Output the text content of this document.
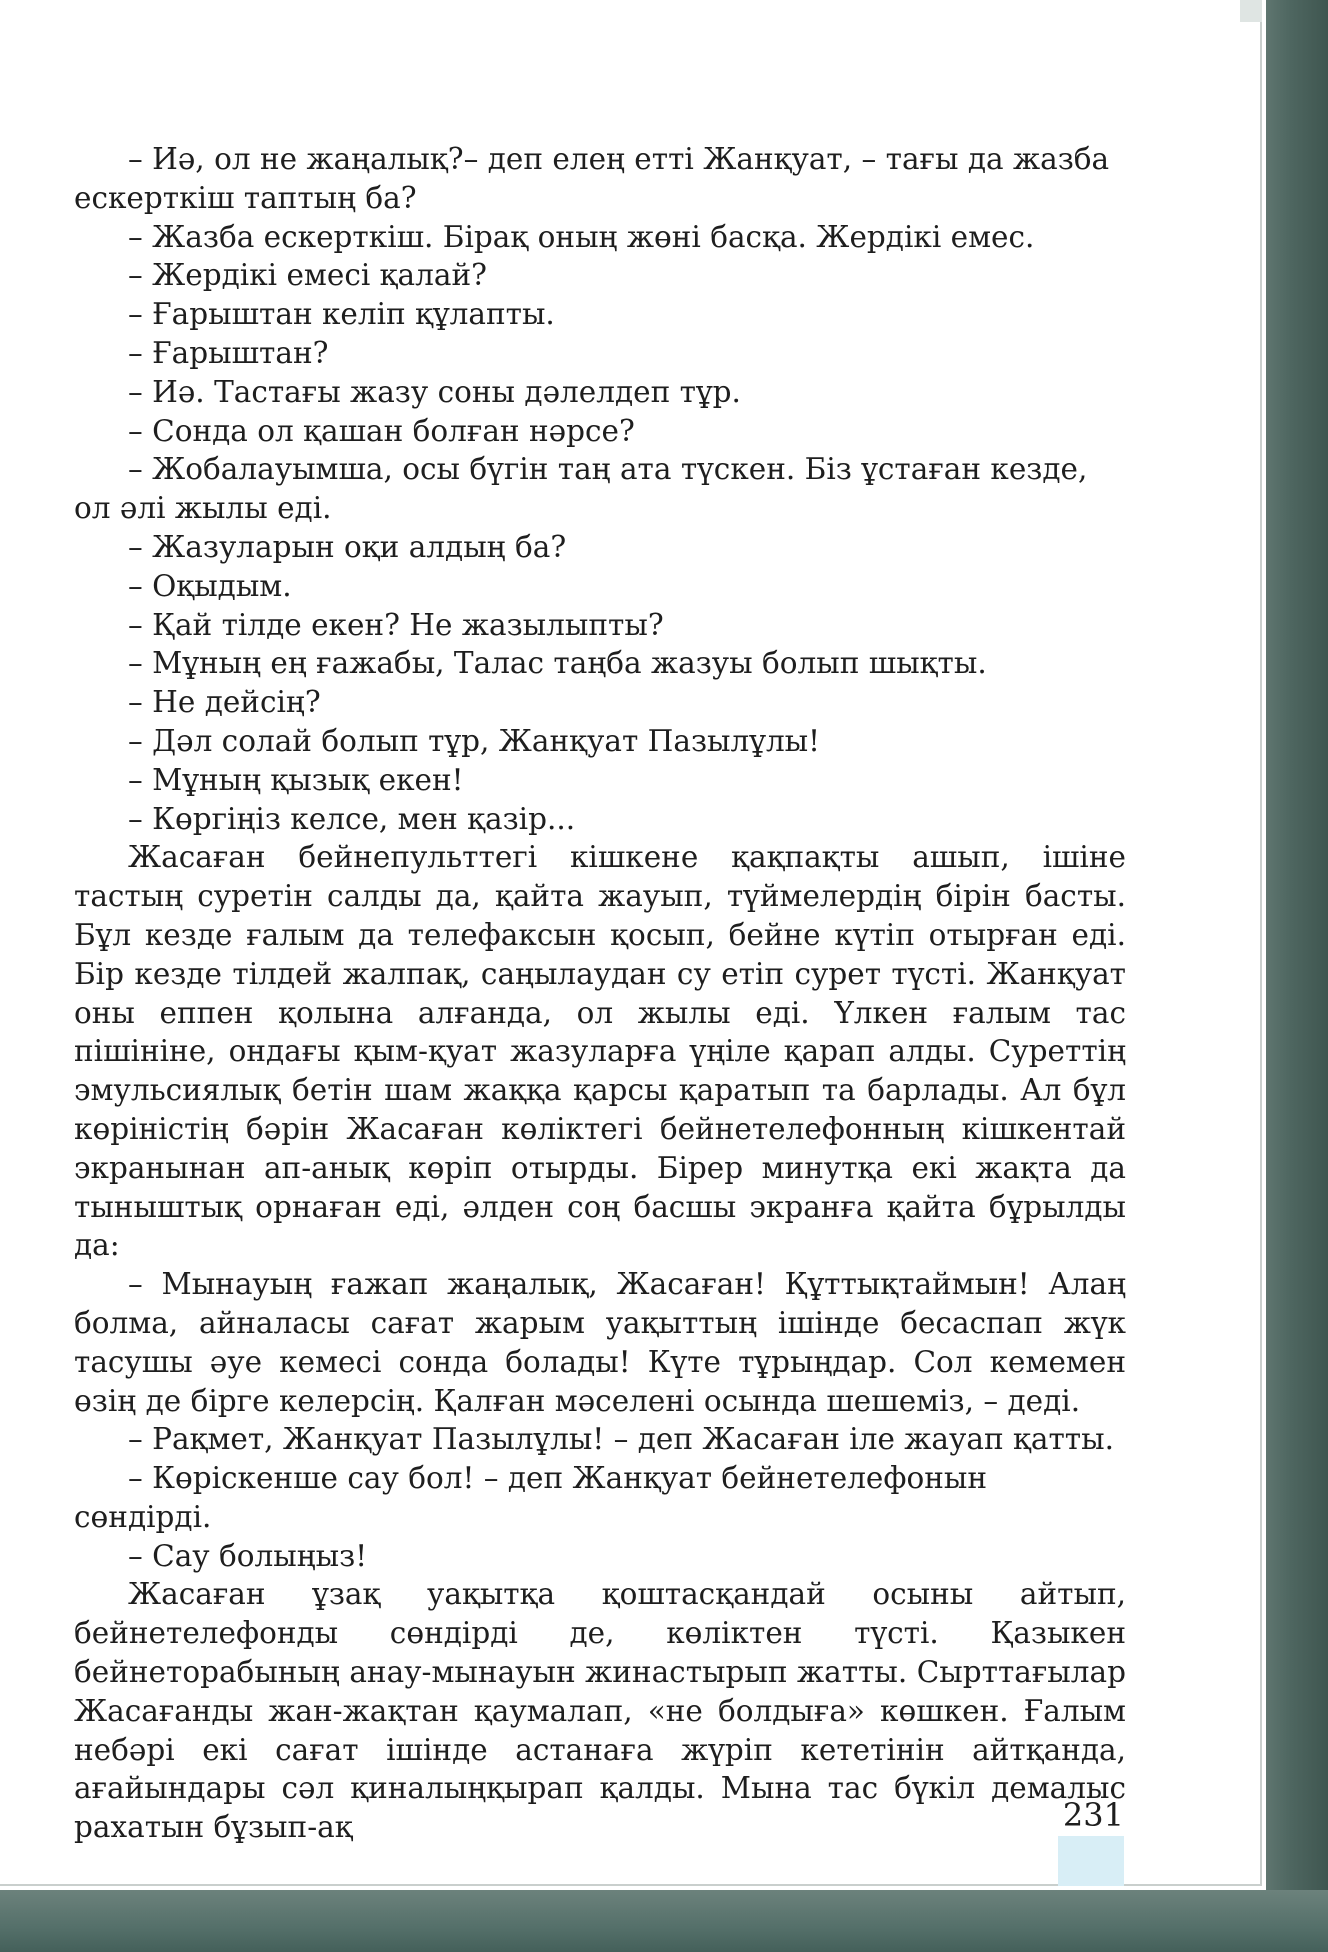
– Иә, ол не жаңалық?– деп елең етті Жанқуат, – тағы да жазба ескерткіш таптың ба?

– Жазба ескерткіш. Бірақ оның жөні басқа. Жердікі емес.

– Жердікі емесі қалай?

– Ғарыштан келіп құлапты.

– Ғарыштан?

– Иә. Тастағы жазу соны дәлелдеп тұр.

– Сонда ол қашан болған нәрсе?

– Жобалауымша, осы бүгін таң ата түскен. Біз ұстаған кезде, ол әлі жылы еді.

– Жазуларын оқи алдың ба?

– Оқыдым.

– Қай тілде екен? Не жазылыпты?

– Мұның ең ғажабы, Талас таңба жазуы болып шықты.

– Не дейсің?

– Дәл солай болып тұр, Жанқуат Пазылұлы!

– Мұның қызық екен!

– Көргіңіз келсе, мен қазір...

Жасаған бейнепульттегі кішкене қақпақты ашып, ішіне тастың суретін салды да, қайта жауып, түймелердің бірін басты. Бұл кезде ғалым да телефаксын қосып, бейне күтіп отырған еді. Бір кезде тілдей жалпақ, саңылаудан су етіп сурет түсті. Жанқуат оны еппен қолына алғанда, ол жылы еді. Үлкен ғалым тас пішініне, ондағы қым-қуат жазуларға үңіле қарап алды. Суреттің эмульсиялық бетін шам жаққа қарсы қаратып та барлады. Ал бұл көріністің бәрін Жасаған көліктегі бейнетелефонның кішкентай экранынан ап-анық көріп отырды. Бірер минутқа екі жақта да тыныштық орнаған еді, әлден соң басшы экранға қайта бұрылды да:

– Мынауың ғажап жаңалық, Жасаған! Құттықтаймын! Алаң болма, айналасы сағат жарым уақыттың ішінде бесаспап жүк тасушы әуе кемесі сонда болады! Күте тұрыңдар. Сол кемемен өзің де бірге келерсің. Қалған мәселені осында шешеміз, – деді.

– Рақмет, Жанқуат Пазылұлы! – деп Жасаған іле жауап қатты.

– Көріскенше сау бол! – деп Жанқуат бейнетелефонын сөндірді.

– Сау болыңыз!

Жасаған ұзақ уақытқа қоштасқандай осыны айтып, бейнетелефонды сөндірді де, көліктен түсті. Қазыкен бейнеторабының анау-мынауын жинастырып жатты. Сырттағылар Жасағанды жан-жақтан қаумалап, «не болдыға» көшкен. Ғалым небәрі екі сағат ішінде астанаға жүріп кететінін айтқанда, ағайындары сәл қиналыңқырап қалды. Мына тас бүкіл демалыс рахатын бұзып-ақ	231
